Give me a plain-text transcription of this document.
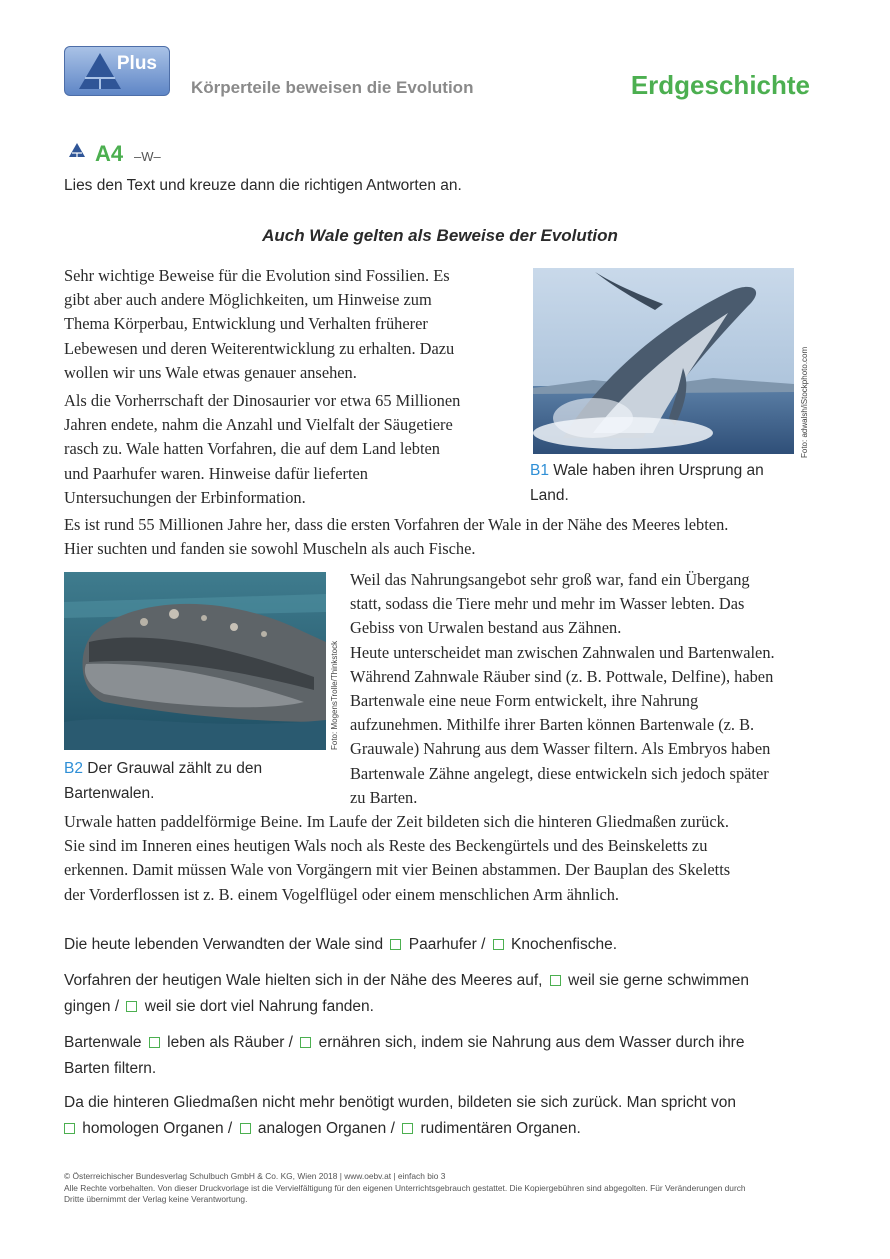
Plus
Körperteile beweisen die Evolution	Erdgeschichte
A4 –W–
Lies den Text und kreuze dann die richtigen Antworten an.
Auch Wale gelten als Beweise der Evolution
Sehr wichtige Beweise für die Evolution sind Fossilien. Es
gibt aber auch andere Möglichkeiten, um Hinweise zum
Thema Körperbau, Entwicklung und Verhalten früherer
Lebewesen und deren Weiterentwicklung zu erhalten. Dazu
wollen wir uns Wale etwas genauer ansehen.
Als die Vorherrschaft der Dinosaurier vor etwa 65 Millionen
Jahren endete, nahm die Anzahl und Vielfalt der Säugetiere
rasch zu. Wale hatten Vorfahren, die auf dem Land lebten
und Paarhufer waren. Hinweise dafür lieferten
Untersuchungen der Erbinformation.
Foto: adwalsh/iStockphoto.com
B1 Wale haben ihren Ursprung an
Land.
Es ist rund 55 Millionen Jahre her, dass die ersten Vorfahren der Wale in der Nähe des Meeres lebten.
Hier suchten und fanden sie sowohl Muscheln als auch Fische.
Foto: MogensTrolle/Thinkstock
B2 Der Grauwal zählt zu den
Bartenwalen.
Weil das Nahrungsangebot sehr groß war, fand ein Übergang
statt, sodass die Tiere mehr und mehr im Wasser lebten. Das
Gebiss von Urwalen bestand aus Zähnen.
Heute unterscheidet man zwischen Zahnwalen und Bartenwalen.
Während Zahnwale Räuber sind (z. B. Pottwale, Delfine), haben
Bartenwale eine neue Form entwickelt, ihre Nahrung
aufzunehmen. Mithilfe ihrer Barten können Bartenwale (z. B.
Grauwale) Nahrung aus dem Wasser filtern. Als Embryos haben
Bartenwale Zähne angelegt, diese entwickeln sich jedoch später
zu Barten.
Urwale hatten paddelförmige Beine. Im Laufe der Zeit bildeten sich die hinteren Gliedmaßen zurück.
Sie sind im Inneren eines heutigen Wals noch als Reste des Beckengürtels und des Beinskeletts zu
erkennen. Damit müssen Wale von Vorgängern mit vier Beinen abstammen. Der Bauplan des Skeletts
der Vorderflossen ist z. B. einem Vogelflügel oder einem menschlichen Arm ähnlich.
Die heute lebenden Verwandten der Wale sind  Paarhufer /  Knochenfische.
Vorfahren der heutigen Wale hielten sich in der Nähe des Meeres auf,  weil sie gerne schwimmen
gingen /  weil sie dort viel Nahrung fanden.
Bartenwale  leben als Räuber /  ernähren sich, indem sie Nahrung aus dem Wasser durch ihre
Barten filtern.
Da die hinteren Gliedmaßen nicht mehr benötigt wurden, bildeten sie sich zurück. Man spricht von
homologen Organen /  analogen Organen /  rudimentären Organen.
© Österreichischer Bundesverlag Schulbuch GmbH & Co. KG, Wien 2018 | www.oebv.at | einfach bio 3
Alle Rechte vorbehalten. Von dieser Druckvorlage ist die Vervielfältigung für den eigenen Unterrichtsgebrauch gestattet. Die Kopiergebühren sind abgegolten. Für Veränderungen durch
Dritte übernimmt der Verlag keine Verantwortung.
